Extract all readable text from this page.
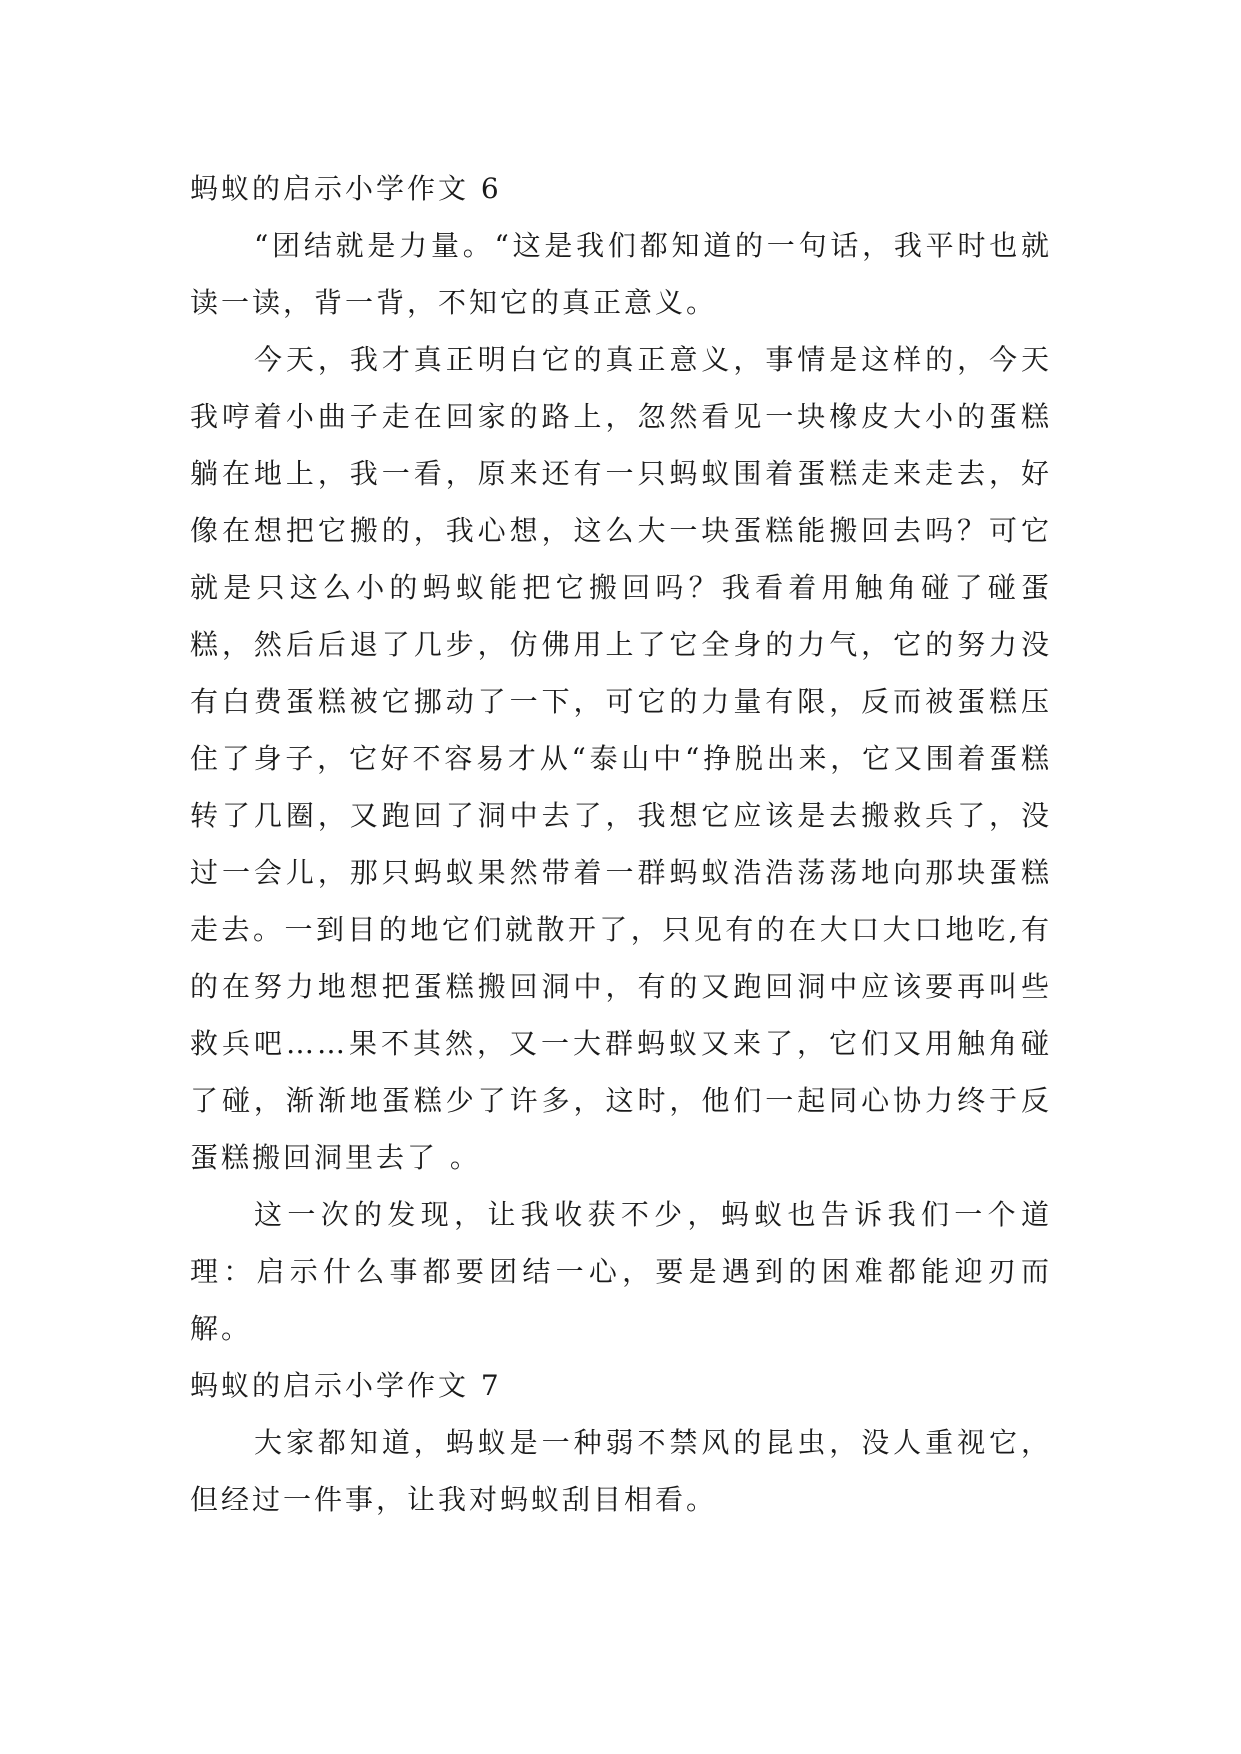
蚂蚁的启示小学作文 6

“团结就是力量。“这是我们都知道的一句话，我平时也就读一读，背一背，不知它的真正意义。

今天，我才真正明白它的真正意义，事情是这样的，今天 我哼着小曲子走在回家的路上，忽然看见一块橡皮大小的蛋糕躺在地上，我一看，原来还有一只蚂蚁围着蛋糕走来走去，好像在想把它搬的，我心想，这么大一块蛋糕能搬回去吗？可它就是只这么小的蚂蚁能把它搬回吗？我看着用触角碰了碰蛋糕，然后后退了几步，仿佛用上了它全身的力气，它的努力没有白费蛋糕被它挪动了一下，可它的力量有限，反而被蛋糕压住了身子，它好不容易才从“泰山中“挣脱出来，它又围着蛋糕转了几圈，又跑回了洞中去了，我想它应该是去搬救兵了，没过一会儿，那只蚂蚁果然带着一群蚂蚁浩浩荡荡地向那块蛋糕走去。一到目的地它们就散开了，只见有的在大口大口地吃,有的在努力地想把蛋糕搬回洞中，有的又跑回洞中应该要再叫些救兵吧……果不其然，又一大群蚂蚁又来了，它们又用触角碰了碰，渐渐地蛋糕少了许多，这时，他们一起同心协力终于反蛋糕搬回洞里去了 。

这一次的发现，让我收获不少，蚂蚁也告诉我们一个道理：启示什么事都要团结一心，要是遇到的困难都能迎刃而解。

蚂蚁的启示小学作文 7

大家都知道，蚂蚁是一种弱不禁风的昆虫，没人重视它，但经过一件事，让我对蚂蚁刮目相看。
